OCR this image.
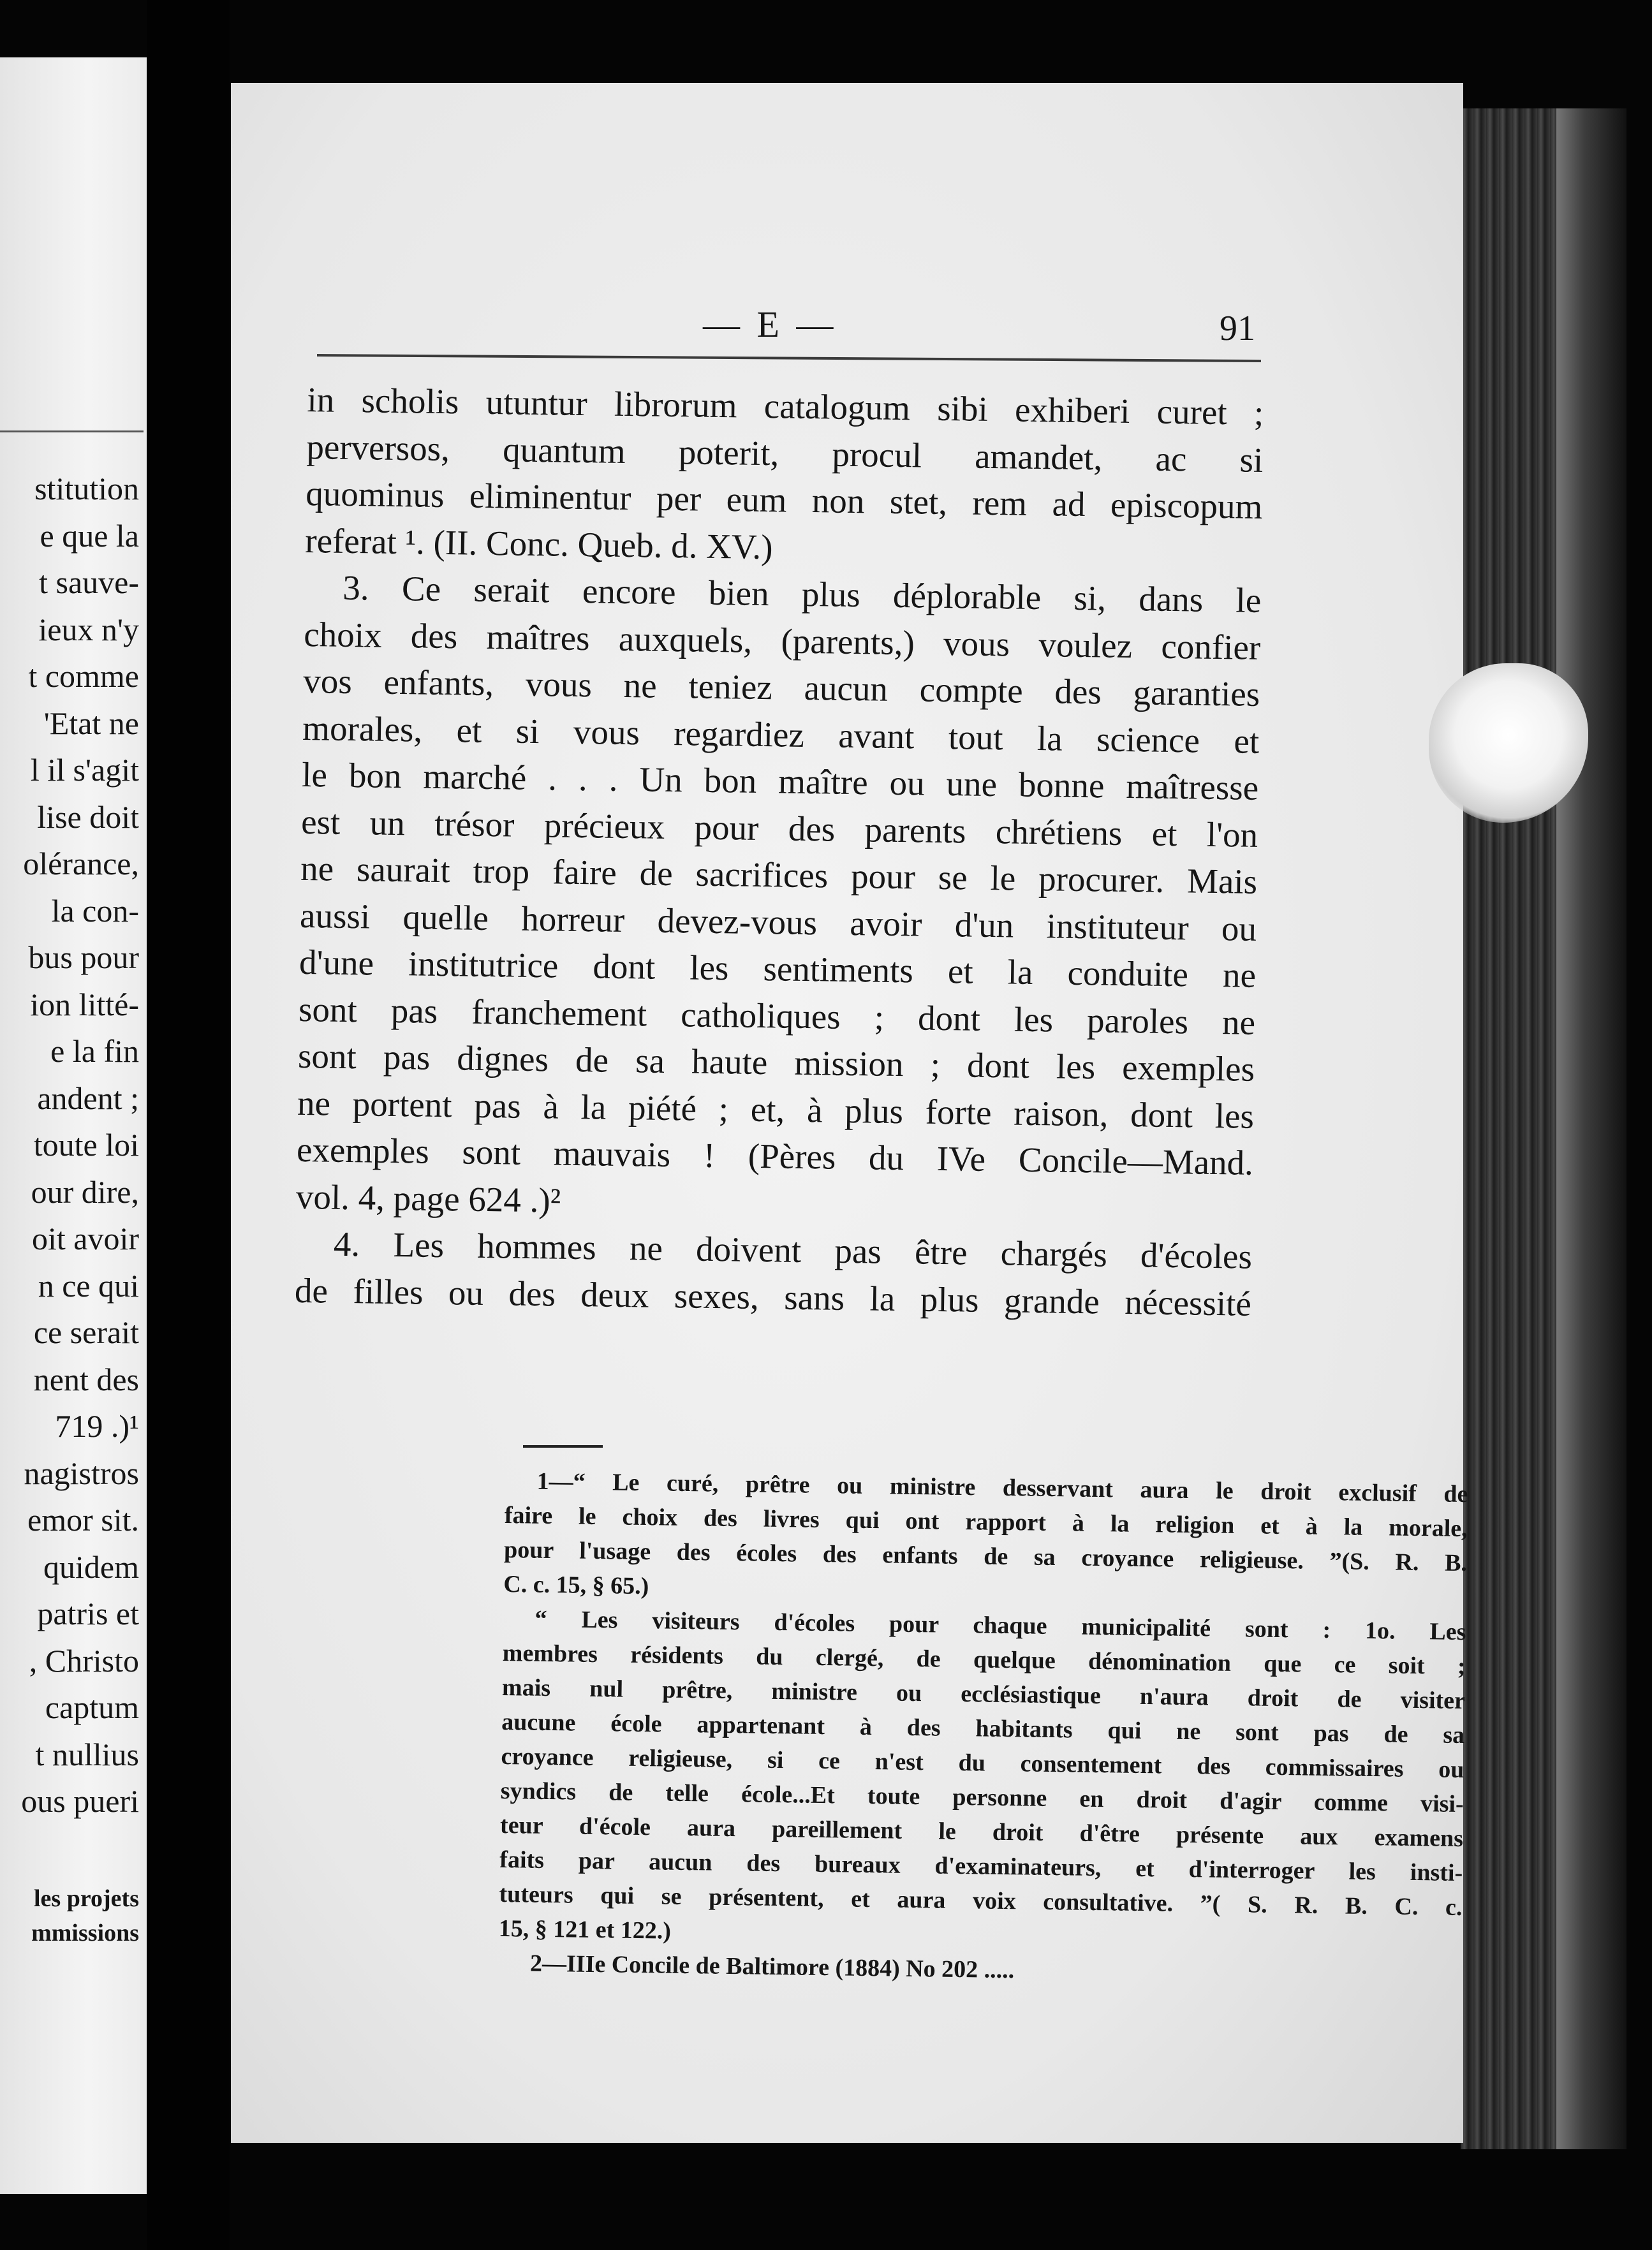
stitution
e que la
t sauve-
ieux n'y
t comme
'Etat ne
l il s'agit
lise doit
olérance,
la con-
bus pour
ion litté-
e la fin
andent ;
toute loi
our dire,
oit avoir
n ce qui
ce serait
nent des
719 .)¹
nagistros
emor sit.
quidem
patris et
, Christo
captum
t nullius
ous pueri
les projets
mmissions
— E —	91
in scholis utuntur librorum catalogum sibi exhiberi curet ;
perversos, quantum poterit, procul amandet, ac si
quominus eliminentur per eum non stet, rem ad episcopum
referat ¹. (II. Conc. Queb. d. XV.)
3. Ce serait encore bien plus déplorable si, dans le
choix des maîtres auxquels, (parents,) vous voulez confier
vos enfants, vous ne teniez aucun compte des garanties
morales, et si vous regardiez avant tout la science et
le bon marché . . . Un bon maître ou une bonne maîtresse
est un trésor précieux pour des parents chrétiens et l'on
ne saurait trop faire de sacrifices pour se le procurer. Mais
aussi quelle horreur devez-vous avoir d'un instituteur ou
d'une institutrice dont les sentiments et la conduite ne
sont pas franchement catholiques ; dont les paroles ne
sont pas dignes de sa haute mission ; dont les exemples
ne portent pas à la piété ; et, à plus forte raison, dont les
exemples sont mauvais ! (Pères du IVe Concile—Mand.
vol. 4, page 624 .)²
4. Les hommes ne doivent pas être chargés d'écoles
de filles ou des deux sexes, sans la plus grande nécessité
1—“ Le curé, prêtre ou ministre desservant aura le droit exclusif de
faire le choix des livres qui ont rapport à la religion et à la morale,
pour l'usage des écoles des enfants de sa croyance religieuse. ”(S. R. B.
C. c. 15, § 65.)
“ Les visiteurs d'écoles pour chaque municipalité sont : 1o. Les
membres résidents du clergé, de quelque dénomination que ce soit ;
mais nul prêtre, ministre ou ecclésiastique n'aura droit de visiter
aucune école appartenant à des habitants qui ne sont pas de sa
croyance religieuse, si ce n'est du consentement des commissaires ou
syndics de telle école...Et toute personne en droit d'agir comme visi-
teur d'école aura pareillement le droit d'être présente aux examens
faits par aucun des bureaux d'examinateurs, et d'interroger les insti-
tuteurs qui se présentent, et aura voix consultative. ”( S. R. B. C. c.
15, § 121 et 122.)
2—IIIe Concile de Baltimore (1884) No 202 .....
